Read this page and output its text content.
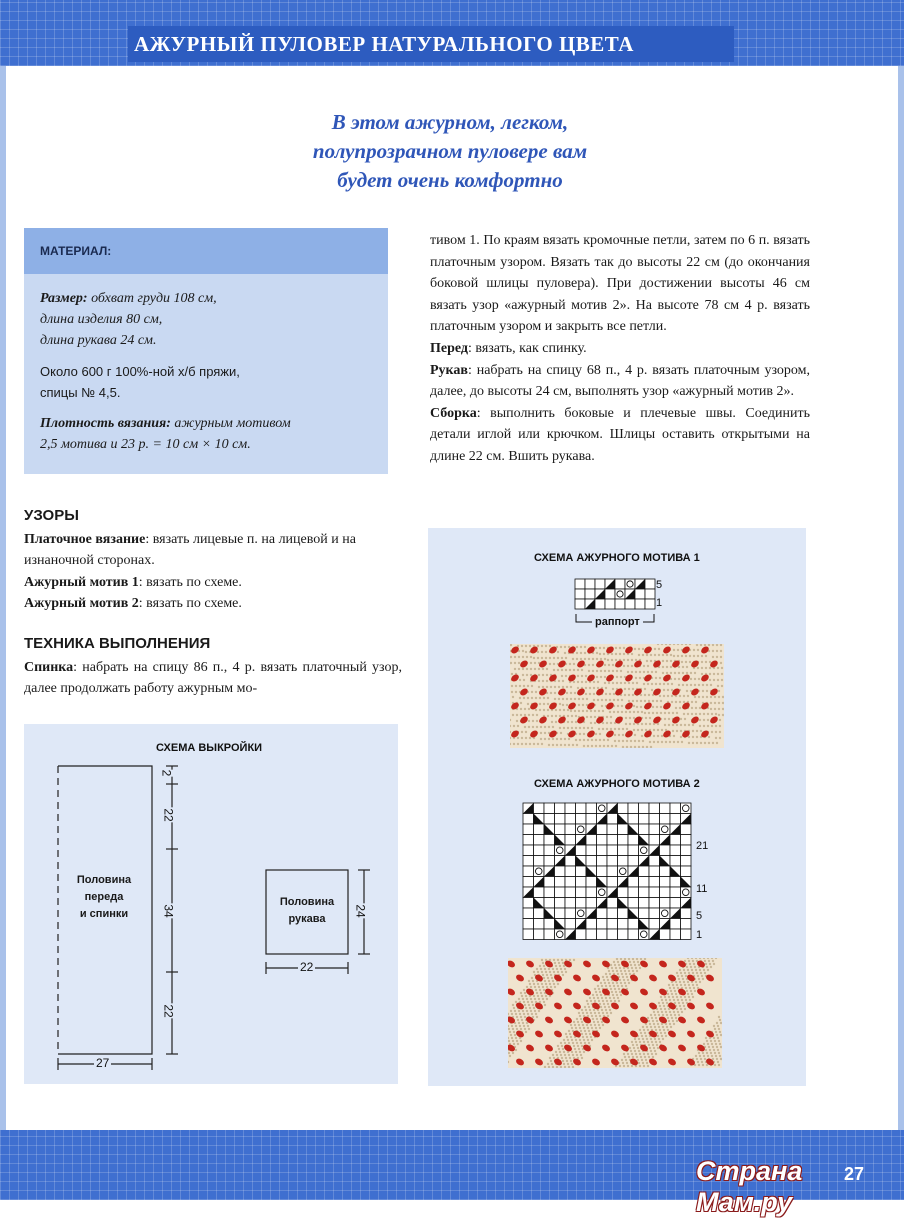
АЖУРНЫЙ ПУЛОВЕР НАТУРАЛЬНОГО ЦВЕТА
В этом ажурном, легком,
полупрозрачном пуловере вам
будет очень комфортно
МАТЕРИАЛ:

Размер: обхват груди 108 см,

длина изделия 80 см,

длина рукава 24 см.

Около 600 г 100%-ной х/б пряжи,

спицы № 4,5.

Плотность вязания: ажурным мотивом

2,5 мотива и 23 р. = 10 см × 10 см.

тивом 1. По краям вязать кромочные петли, затем по 6 п. вязать платочным узором. Вязать так до высоты 22 см (до окончания боковой шлицы пуловера). При достижении высоты 46 см вязать узор «ажурный мотив 2». На высоте 78 см 4 р. вязать платочным узором и закрыть все петли.

Перед: вязать, как спинку.

Рукав: набрать на спицу 68 п., 4 р. вязать платочным узором, далее, до высоты 24 см, выполнять узор «ажурный мотив 2».

Сборка: выполнить боковые и плечевые швы. Соединить детали иглой или крючком. Шлицы оставить открытыми на длине 22 см. Вшить рукава.

УЗОРЫ

Платочное вязание: вязать лицевые п. на лицевой и на изнаночной сторонах.

Ажурный мотив 1: вязать по схеме.

Ажурный мотив 2: вязать по схеме.

ТЕХНИКА ВЫПОЛНЕНИЯ

Спинка: набрать на спицу 86 п., 4 р. вязать платочный узор, далее продолжать работу ажурным мо-

СХЕМА ВЫКРОЙКИ
Половина
переда
и спинки
Половина
рукава
2
22
34
22
27
24
22
СХЕМА АЖУРНОГО МОТИВА 1
5
1
раппорт
СХЕМА АЖУРНОГО МОТИВА 2
21
11
5
1
Страна Мам.ру
27
